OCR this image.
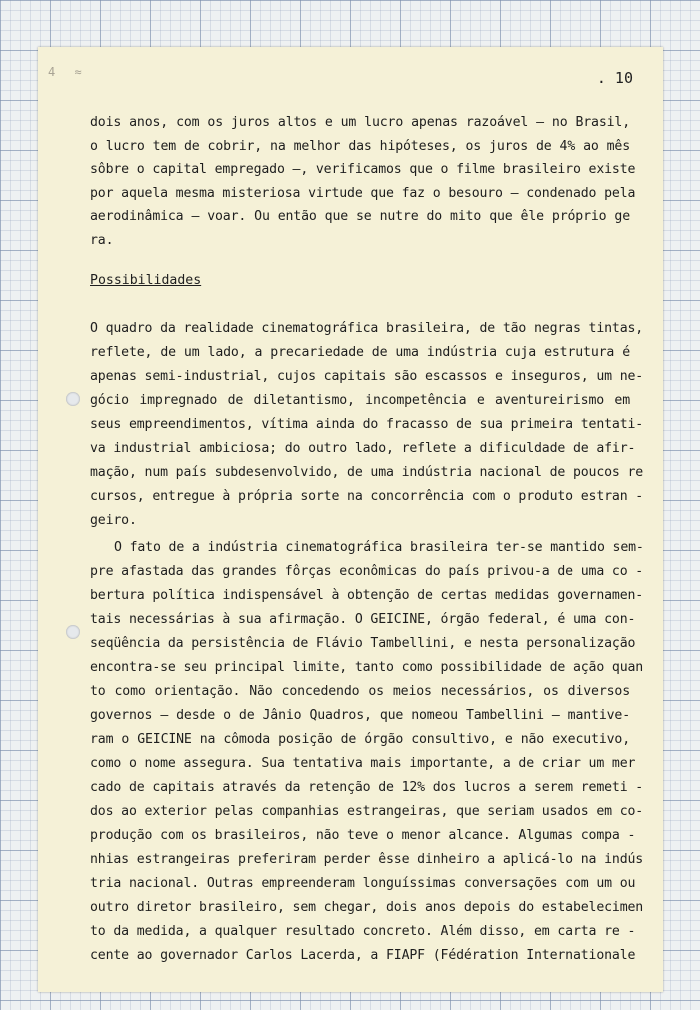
4 ≈	. 10
dois anos, com os juros altos e um lucro apenas razoável — no Brasil,
o lucro tem de cobrir, na melhor das hipóteses, os juros de 4% ao mês
sôbre o capital empregado —, verificamos que o filme brasileiro existe
por aquela mesma misteriosa virtude que faz o besouro — condenado pela
aerodinâmica — voar. Ou então que se nutre do mito que êle próprio ge
ra.
Possibilidades
O quadro da realidade cinematográfica brasileira, de tão negras tintas,
reflete, de um lado, a precariedade de uma indústria cuja estrutura é
apenas semi-industrial, cujos capitais são escassos e inseguros, um ne-
gócio impregnado de diletantismo, incompetência e aventureirismo em
seus empreendimentos, vítima ainda do fracasso de sua primeira tentati-
va industrial ambiciosa; do outro lado, reflete a dificuldade de afir-
mação, num país subdesenvolvido, de uma indústria nacional de poucos re
cursos, entregue à própria sorte na concorrência com o produto estran -
geiro.
O fato de a indústria cinematográfica brasileira ter-se mantido sem-
pre afastada das grandes fôrças econômicas do país privou-a de uma co -
bertura política indispensável à obtenção de certas medidas governamen-
tais necessárias à sua afirmação. O GEICINE, órgão federal, é uma con-
seqüência da persistência de Flávio Tambellini, e nesta personalização
encontra-se seu principal limite, tanto como possibilidade de ação quan
to como orientação. Não concedendo os meios necessários, os diversos
governos — desde o de Jânio Quadros, que nomeou Tambellini — mantive-
ram o GEICINE na cômoda posição de órgão consultivo, e não executivo,
como o nome assegura. Sua tentativa mais importante, a de criar um mer
cado de capitais através da retenção de 12% dos lucros a serem remeti -
dos ao exterior pelas companhias estrangeiras, que seriam usados em co-
produção com os brasileiros, não teve o menor alcance. Algumas compa -
nhias estrangeiras preferiram perder êsse dinheiro a aplicá-lo na indús
tria nacional. Outras empreenderam longuíssimas conversações com um ou
outro diretor brasileiro, sem chegar, dois anos depois do estabelecimen
to da medida, a qualquer resultado concreto. Além disso, em carta re -
cente ao governador Carlos Lacerda, a FIAPF (Fédération Internationale
